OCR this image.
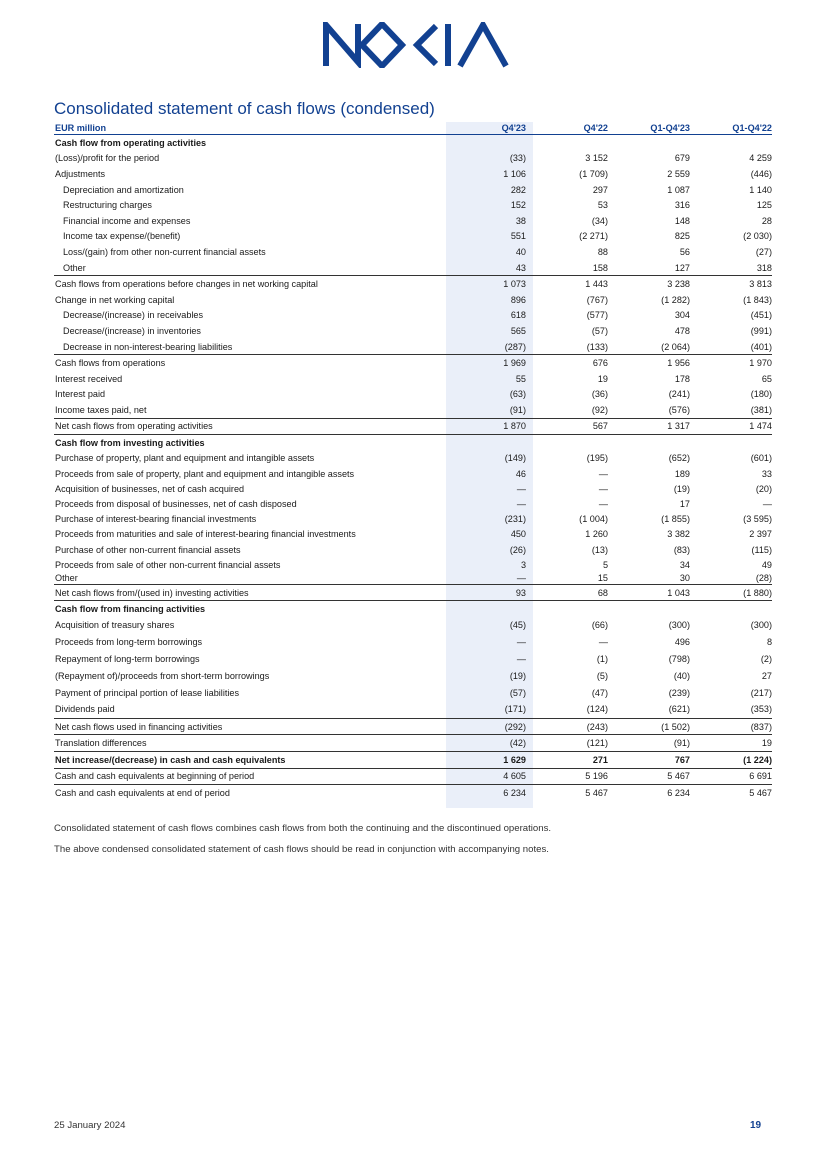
Consolidated statement of cash flows (condensed)
EUR million	Q4'23	Q4'22	Q1-Q4'23	Q1-Q4'22
Cash flow from operating activities
(Loss)/profit for the period	(33)	3 152	679	4 259
Adjustments	1 106	(1 709)	2 559	(446)
Depreciation and amortization	282	297	1 087	1 140
Restructuring charges	152	53	316	125
Financial income and expenses	38	(34)	148	28
Income tax expense/(benefit)	551	(2 271)	825	(2 030)
Loss/(gain) from other non-current financial assets	40	88	56	(27)
Other	43	158	127	318
Cash flows from operations before changes in net working capital	1 073	1 443	3 238	3 813
Change in net working capital	896	(767)	(1 282)	(1 843)
Decrease/(increase) in receivables	618	(577)	304	(451)
Decrease/(increase) in inventories	565	(57)	478	(991)
Decrease in non-interest-bearing liabilities	(287)	(133)	(2 064)	(401)
Cash flows from operations	1 969	676	1 956	1 970
Interest received	55	19	178	65
Interest paid	(63)	(36)	(241)	(180)
Income taxes paid, net	(91)	(92)	(576)	(381)
Net cash flows from operating activities	1 870	567	1 317	1 474
Cash flow from investing activities
Purchase of property, plant and equipment and intangible assets	(149)	(195)	(652)	(601)
Proceeds from sale of property, plant and equipment and intangible assets	46	—	189	33
Acquisition of businesses, net of cash acquired	—	—	(19)	(20)
Proceeds from disposal of businesses, net of cash disposed	—	—	17	—
Purchase of interest-bearing financial investments	(231)	(1 004)	(1 855)	(3 595)
Proceeds from maturities and sale of interest-bearing financial investments	450	1 260	3 382	2 397
Purchase of other non-current financial assets	(26)	(13)	(83)	(115)
Proceeds from sale of other non-current financial assets	3	5	34	49
Other	—	15	30	(28)
Net cash flows from/(used in) investing activities	93	68	1 043	(1 880)
Cash flow from financing activities
Acquisition of treasury shares	(45)	(66)	(300)	(300)
Proceeds from long-term borrowings	—	—	496	8
Repayment of long-term borrowings	—	(1)	(798)	(2)
(Repayment of)/proceeds from short-term borrowings	(19)	(5)	(40)	27
Payment of principal portion of lease liabilities	(57)	(47)	(239)	(217)
Dividends paid	(171)	(124)	(621)	(353)
Net cash flows used in financing activities	(292)	(243)	(1 502)	(837)
Translation differences	(42)	(121)	(91)	19
Net increase/(decrease) in cash and cash equivalents	1 629	271	767	(1 224)
Cash and cash equivalents at beginning of period	4 605	5 196	5 467	6 691
Cash and cash equivalents at end of period	6 234	5 467	6 234	5 467

Consolidated statement of cash flows combines cash flows from both the continuing and the discontinued operations.

The above condensed consolidated statement of cash flows should be read in conjunction with accompanying notes.

25 January 2024	19
